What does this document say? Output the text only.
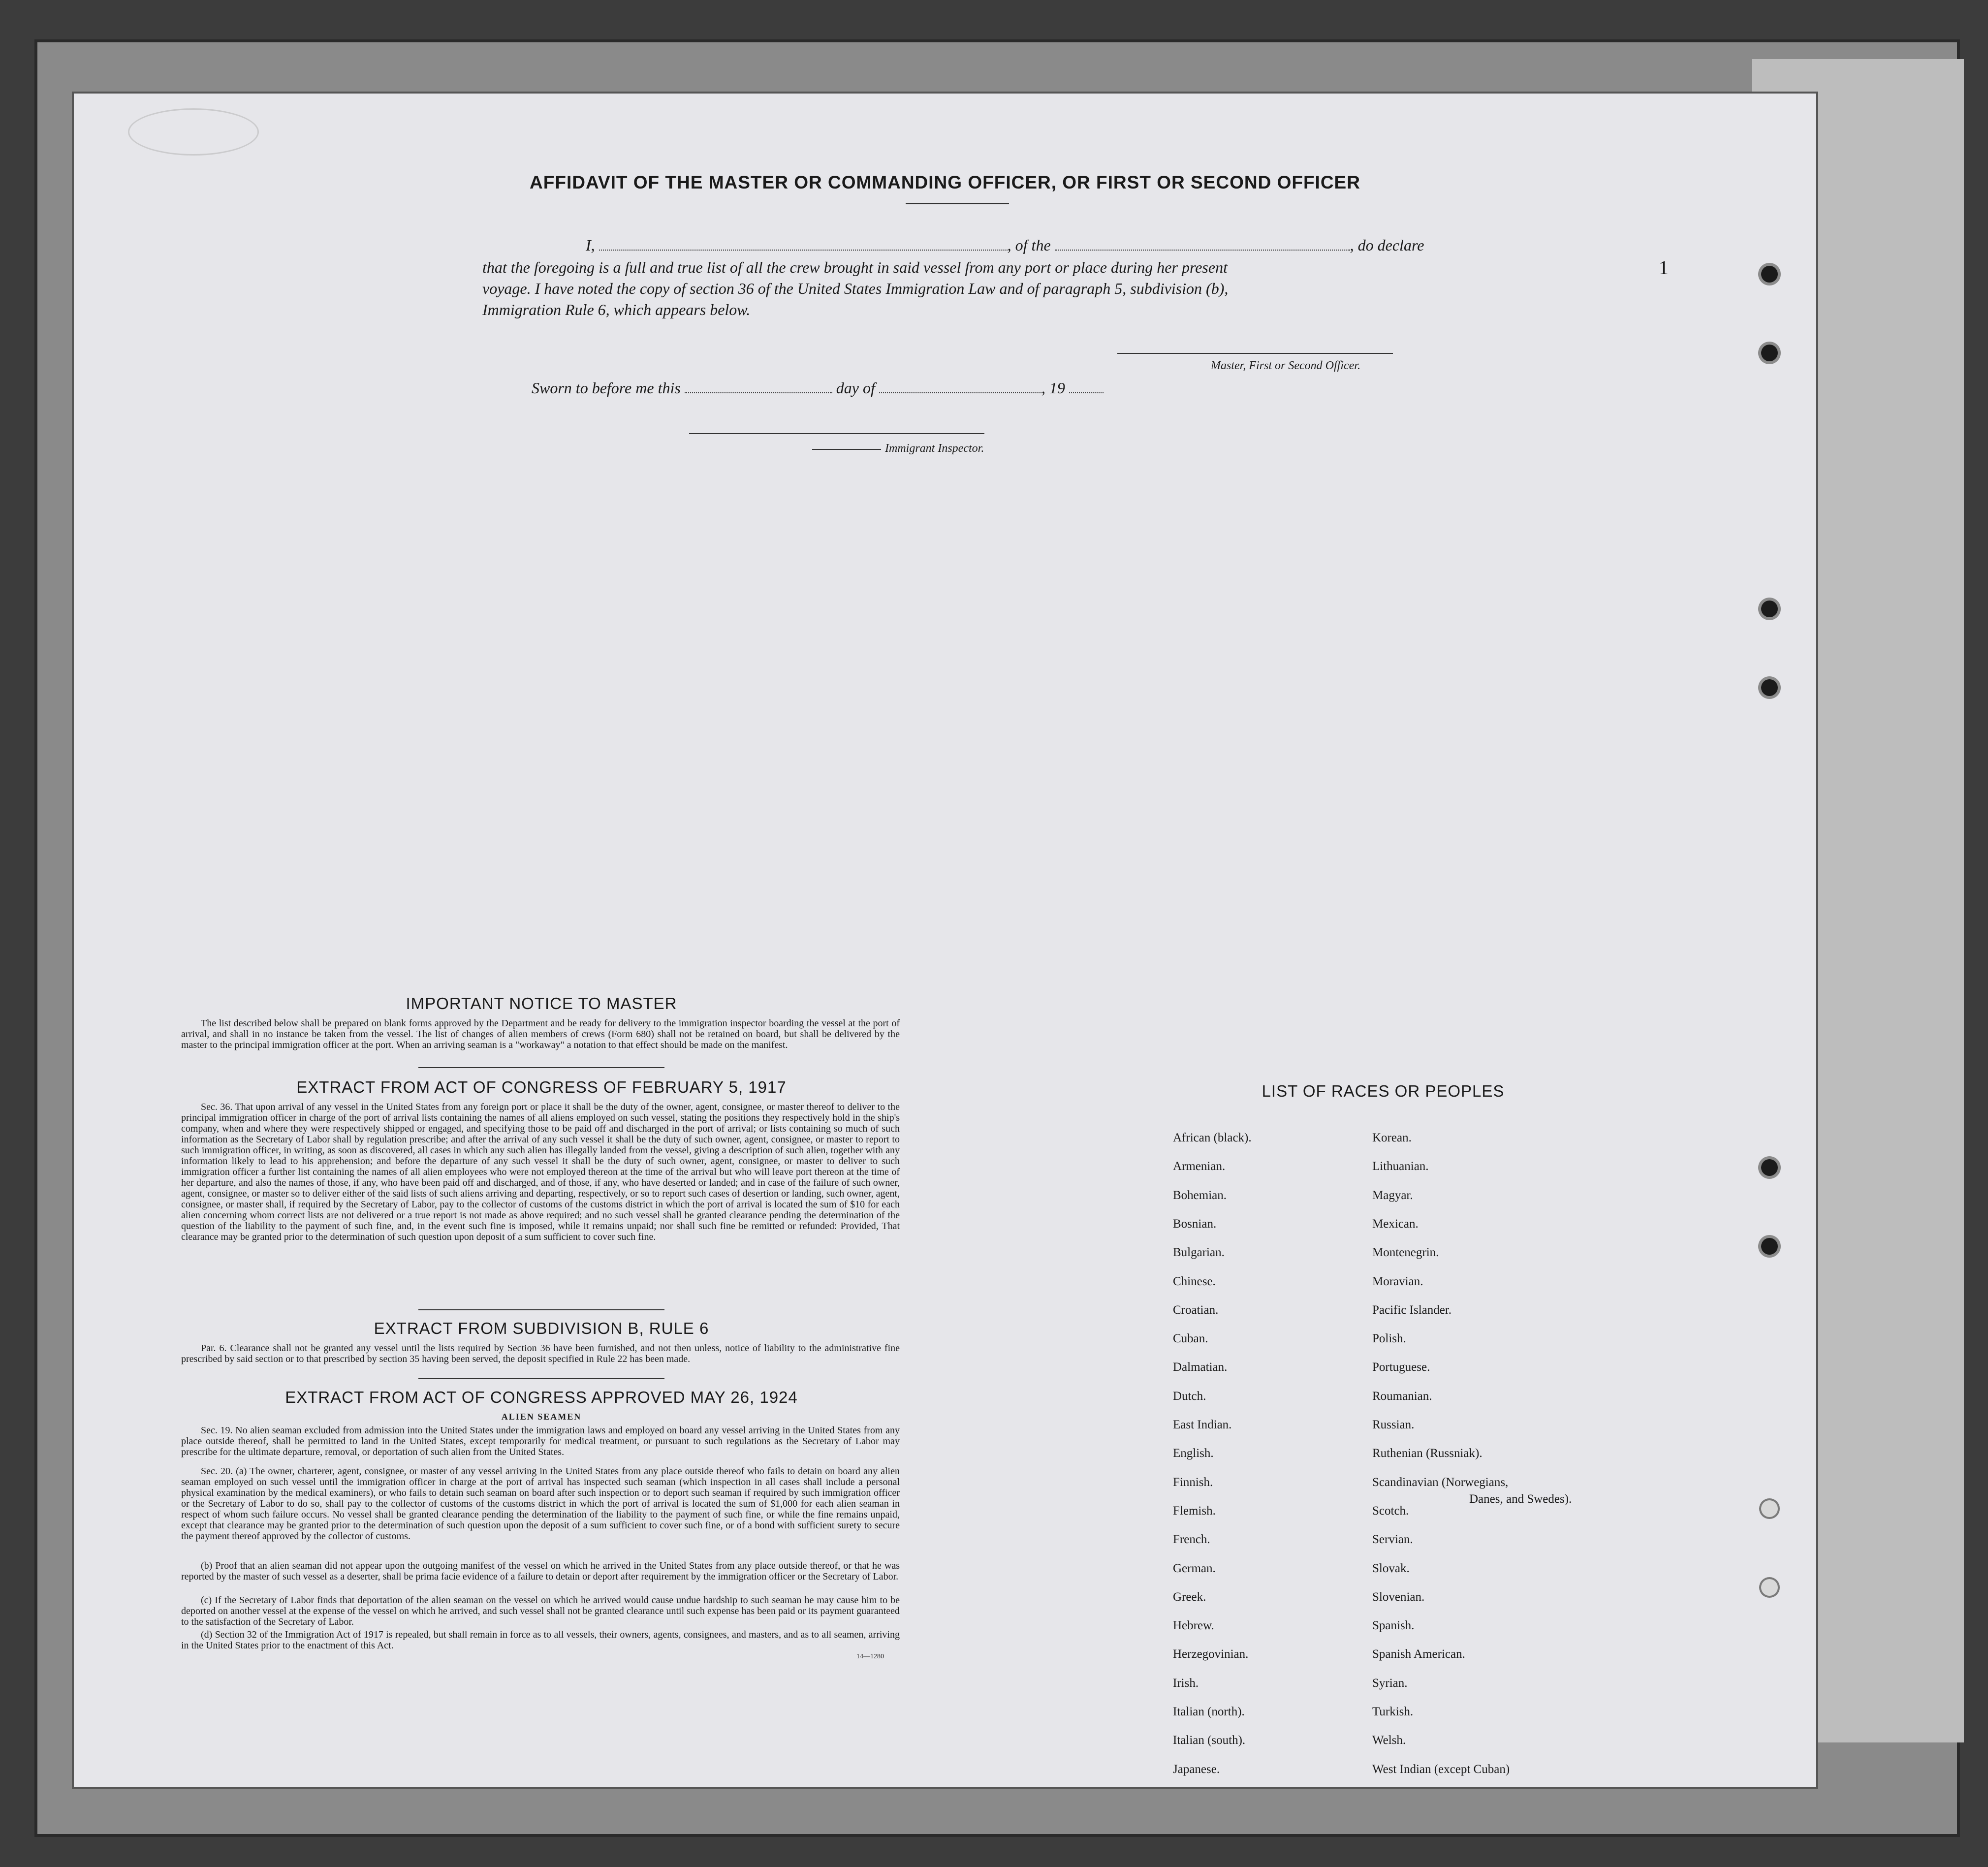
1
AFFIDAVIT OF THE MASTER OR COMMANDING OFFICER, OR FIRST OR SECOND OFFICER
I,	, of the	, do declare
that the foregoing is a full and true list of all the crew brought in said vessel from any port or place during her present
voyage. I have noted the copy of section 36 of the United States Immigration Law and of paragraph 5, subdivision (b),
Immigration Rule 6, which appears below.
Master, First or Second Officer.
Sworn to before me this	day of	, 19
Immigrant Inspector.
IMPORTANT NOTICE TO MASTER
The list described below shall be prepared on blank forms approved by the Department and be ready for delivery to the immigration inspector boarding the vessel at the port of arrival, and shall in no instance be taken from the vessel. The list of changes of alien members of crews (Form 680) shall not be retained on board, but shall be delivered by the master to the principal immigration officer at the port. When an arriving seaman is a "workaway" a notation to that effect should be made on the manifest.
EXTRACT FROM ACT OF CONGRESS OF FEBRUARY 5, 1917
Sec. 36. That upon arrival of any vessel in the United States from any foreign port or place it shall be the duty of the owner, agent, consignee, or master thereof to deliver to the principal immigration officer in charge of the port of arrival lists containing the names of all aliens employed on such vessel, stating the positions they respectively hold in the ship's company, when and where they were respectively shipped or engaged, and specifying those to be paid off and discharged in the port of arrival; or lists containing so much of such information as the Secretary of Labor shall by regulation prescribe; and after the arrival of any such vessel it shall be the duty of such owner, agent, consignee, or master to report to such immigration officer, in writing, as soon as discovered, all cases in which any such alien has illegally landed from the vessel, giving a description of such alien, together with any information likely to lead to his apprehension; and before the departure of any such vessel it shall be the duty of such owner, agent, consignee, or master to deliver to such immigration officer a further list containing the names of all alien employees who were not employed thereon at the time of the arrival but who will leave port thereon at the time of her departure, and also the names of those, if any, who have been paid off and discharged, and of those, if any, who have deserted or landed; and in case of the failure of such owner, agent, consignee, or master so to deliver either of the said lists of such aliens arriving and departing, respectively, or so to report such cases of desertion or landing, such owner, agent, consignee, or master shall, if required by the Secretary of Labor, pay to the collector of customs of the customs district in which the port of arrival is located the sum of $10 for each alien concerning whom correct lists are not delivered or a true report is not made as above required; and no such vessel shall be granted clearance pending the determination of the question of the liability to the payment of such fine, and, in the event such fine is imposed, while it remains unpaid; nor shall such fine be remitted or refunded: Provided, That clearance may be granted prior to the determination of such question upon deposit of a sum sufficient to cover such fine.
EXTRACT FROM SUBDIVISION B, RULE 6
Par. 6. Clearance shall not be granted any vessel until the lists required by Section 36 have been furnished, and not then unless, notice of liability to the administrative fine prescribed by said section or to that prescribed by section 35 having been served, the deposit specified in Rule 22 has been made.
EXTRACT FROM ACT OF CONGRESS APPROVED MAY 26, 1924
ALIEN SEAMEN
Sec. 19. No alien seaman excluded from admission into the United States under the immigration laws and employed on board any vessel arriving in the United States from any place outside thereof, shall be permitted to land in the United States, except temporarily for medical treatment, or pursuant to such regulations as the Secretary of Labor may prescribe for the ultimate departure, removal, or deportation of such alien from the United States.
Sec. 20. (a) The owner, charterer, agent, consignee, or master of any vessel arriving in the United States from any place outside thereof who fails to detain on board any alien seaman employed on such vessel until the immigration officer in charge at the port of arrival has inspected such seaman (which inspection in all cases shall include a personal physical examination by the medical examiners), or who fails to detain such seaman on board after such inspection or to deport such seaman if required by such immigration officer or the Secretary of Labor to do so, shall pay to the collector of customs of the customs district in which the port of arrival is located the sum of $1,000 for each alien seaman in respect of whom such failure occurs. No vessel shall be granted clearance pending the determination of the liability to the payment of such fine, or while the fine remains unpaid, except that clearance may be granted prior to the determination of such question upon the deposit of a sum sufficient to cover such fine, or of a bond with sufficient surety to secure the payment thereof approved by the collector of customs.
(b) Proof that an alien seaman did not appear upon the outgoing manifest of the vessel on which he arrived in the United States from any place outside thereof, or that he was reported by the master of such vessel as a deserter, shall be prima facie evidence of a failure to detain or deport after requirement by the immigration officer or the Secretary of Labor.
(c) If the Secretary of Labor finds that deportation of the alien seaman on the vessel on which he arrived would cause undue hardship to such seaman he may cause him to be deported on another vessel at the expense of the vessel on which he arrived, and such vessel shall not be granted clearance until such expense has been paid or its payment guaranteed to the satisfaction of the Secretary of Labor.
(d) Section 32 of the Immigration Act of 1917 is repealed, but shall remain in force as to all vessels, their owners, agents, consignees, and masters, and as to all seamen, arriving in the United States prior to the enactment of this Act.
14—1280
LIST OF RACES OR PEOPLES
African (black).
Armenian.
Bohemian.
Bosnian.
Bulgarian.
Chinese.
Croatian.
Cuban.
Dalmatian.
Dutch.
East Indian.
English.
Finnish.
Flemish.
French.
German.
Greek.
Hebrew.
Herzegovinian.
Irish.
Italian (north).
Italian (south).
Japanese.
Korean.
Lithuanian.
Magyar.
Mexican.
Montenegrin.
Moravian.
Pacific Islander.
Polish.
Portuguese.
Roumanian.
Russian.
Ruthenian (Russniak).
Scandinavian (Norwegians,
Scotch.
Servian.
Slovak.
Slovenian.
Spanish.
Spanish American.
Syrian.
Turkish.
Welsh.
West Indian (except Cuban)
Danes, and Swedes).
